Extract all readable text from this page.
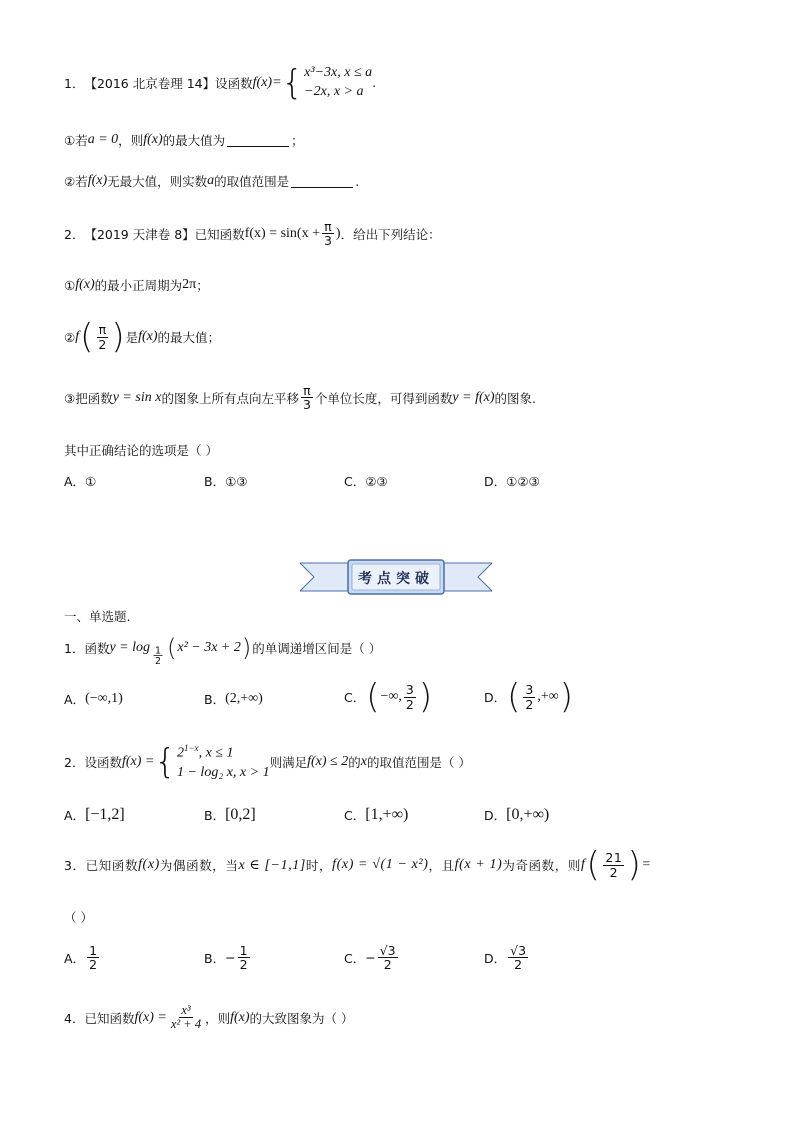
1． 【2016 北京卷理 14】 设函数 f(x)= { x³−3x, x ≤ a
−2x, x > a
.
①若 a = 0 ，则 f(x) 的最大值为	；
②若 f(x) 无最大值，则实数 a 的取值范围是	.
2． 【2019 天津卷 8】 已知函数 $f(x) = \sin(x + \frac{\pi}{3}$ ) ．给出下列结论：
① f(x) 的最小正周期为 2π ；
② f ( $\frac{\pi}{2}$ ) 是 f(x) 的最大值；
③把函数 y = sin x 的图象上所有点向左平移 $\frac{\pi}{3}$ 个单位长度，可得到函数 y = f(x) 的图象.
其中正确结论的选项是（ ）
A．①	B．①③	C．②③	D．①②③
考点突破
一、单选题.
1． 函数 $y = \log \frac{1}{2}$ ( x² − 3x + 2 ) 的单调递增区间是（ ）
A． (−∞,1)	B． (2,+∞)	C． ( −∞, $\frac{3}{2}$ )	D． ( $\frac{3}{2}$ ,+∞ )
2． 设函数 f(x) = { $2^{1-x}$, x ≤ 1
1 − log₂ x, x > 1
则满足 f(x) ≤ 2 的 x 的取值范围是（ ）
A． [−1,2]	B． [0,2]	C． [1,+∞)	D． [0,+∞)
3． 已知函数 f(x) 为偶函数，当 x ∈ [−1,1] 时， f(x) = √(1 − x²) ，且 f(x + 1) 为奇函数，则 f ( $\frac{21}{2}$ ) =
（ ）
A． $\frac{1}{2}$	B． − $\frac{1}{2}$	C． − $\frac{√3}{2}$	D． $\frac{√3}{2}$
4． 已知函数 $f(x) = \frac{\text{x³}}{\text{x² + 4}}$ ，则 f(x) 的大致图象为（ ）
